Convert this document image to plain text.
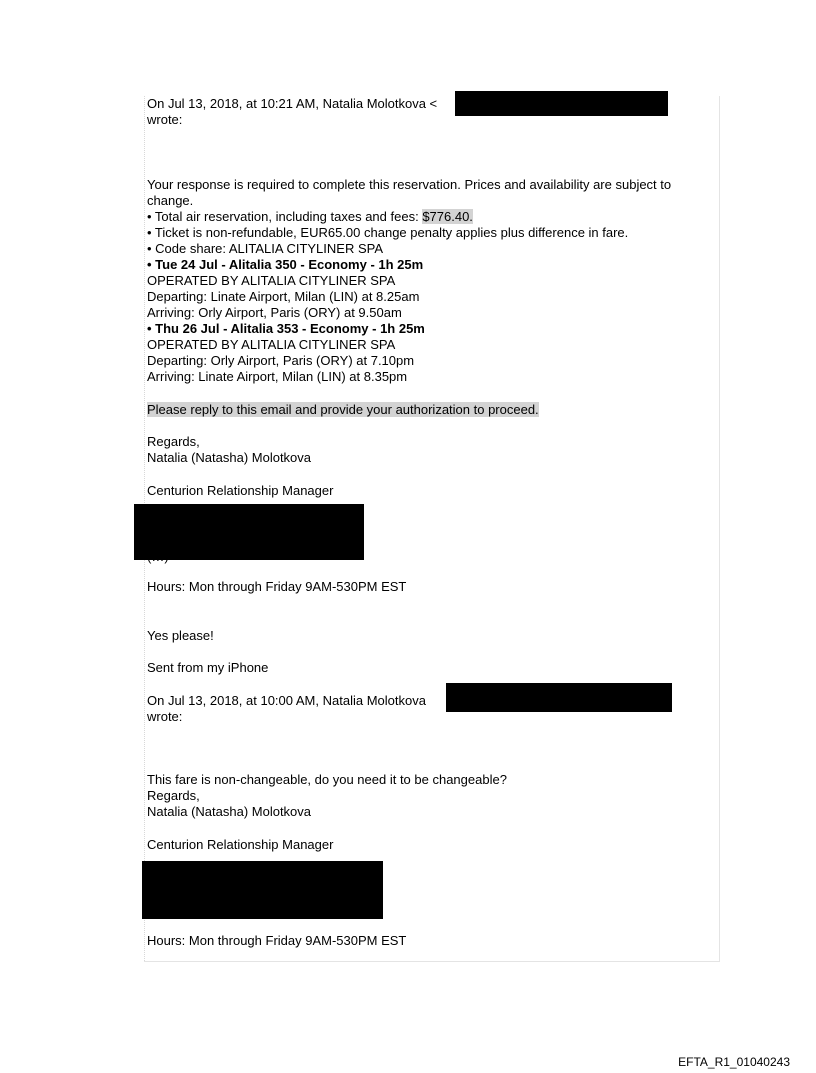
On Jul 13, 2018, at 10:21 AM, Natalia Molotkova <
wrote:
Your response is required to complete this reservation. Prices and availability are subject to
change.
• Total air reservation, including taxes and fees: $776.40.
• Ticket is non-refundable, EUR65.00 change penalty applies plus difference in fare.
• Code share: ALITALIA CITYLINER SPA
• Tue 24 Jul - Alitalia 350 - Economy - 1h 25m
OPERATED BY ALITALIA CITYLINER SPA
Departing: Linate Airport, Milan (LIN) at 8.25am
Arriving: Orly Airport, Paris (ORY) at 9.50am
• Thu 26 Jul - Alitalia 353 - Economy - 1h 25m
OPERATED BY ALITALIA CITYLINER SPA
Departing: Orly Airport, Paris (ORY) at 7.10pm
Arriving: Linate Airport, Milan (LIN) at 8.35pm
Please reply to this email and provide your authorization to proceed.
Regards,
Natalia (Natasha) Molotkova
Centurion Relationship Manager
Hours: Mon through Friday 9AM-530PM EST
Yes please!
Sent from my iPhone
On Jul 13, 2018, at 10:00 AM, Natalia Molotkova
wrote:
This fare is non-changeable, do you need it to be changeable?
Regards,
Natalia (Natasha) Molotkova
Centurion Relationship Manager
Hours: Mon through Friday 9AM-530PM EST
EFTA_R1_01040243
